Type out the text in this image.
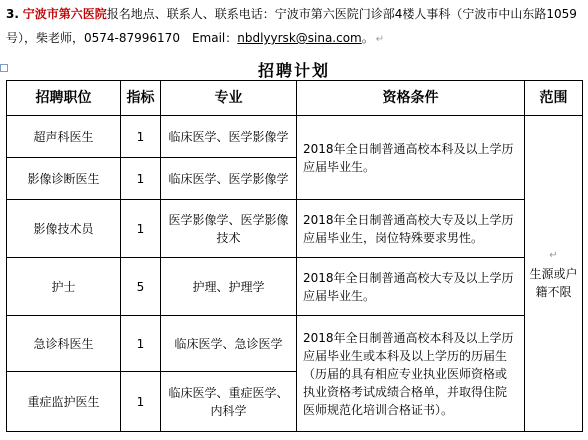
3. 宁波市第六医院报名地点、联系人、联系电话：宁波市第六医院门诊部4楼人事科（宁波市中山东路1059号），柴老师，0574-87996170　Email：nbdlyyrsk@sina.com。 ↵
招聘计划
招聘职位	指标	专业	资格条件	范围
超声科医生	1	临床医学、医学影像学	2018年全日制普通高校本科及以上学历应届毕业生。	↵
生源或户籍不限
影像诊断医生	1	临床医学、医学影像学		
影像技术员	1	医学影像学、医学影像技术	2018年全日制普通高校大专及以上学历应届毕业生，岗位特殊要求男性。	
护士	5	护理、护理学	2018年全日制普通高校大专及以上学历应届毕业生。	
急诊科医生	1	临床医学、急诊医学	2018年全日制普通高校本科及以上学历应届毕业生或本科及以上学历的历届生（历届的具有相应专业执业医师资格或执业资格考试成绩合格单，并取得住院医师规范化培训合格证书）。	
重症监护医生	1	临床医学、重症医学、内科学		
